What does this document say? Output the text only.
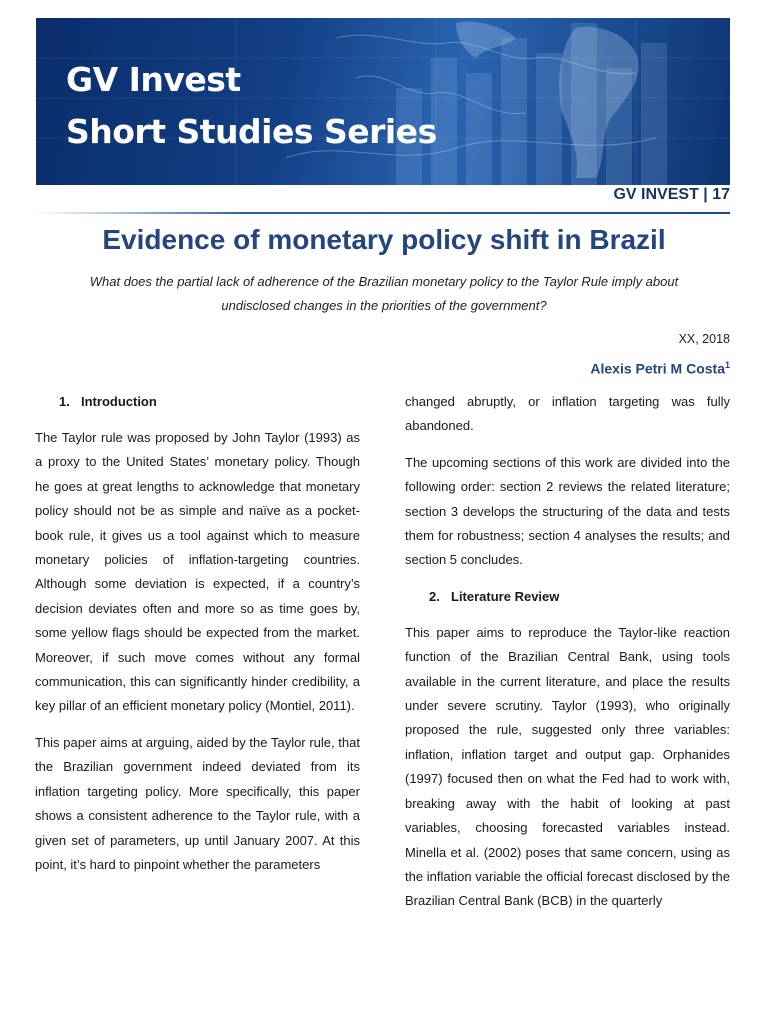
GV Invest
Short Studies Series
GV INVEST | 17
Evidence of monetary policy shift in Brazil
What does the partial lack of adherence of the Brazilian monetary policy to the Taylor Rule imply about undisclosed changes in the priorities of the government?
XX, 2018
Alexis Petri M Costa$^1$
1. Introduction

The Taylor rule was proposed by John Taylor (1993) as a proxy to the United States’ monetary policy. Though he goes at great lengths to acknowledge that monetary policy should not be as simple and naïve as a pocket-book rule, it gives us a tool against which to measure monetary policies of inflation-targeting countries. Although some deviation is expected, if a country’s decision deviates often and more so as time goes by, some yellow flags should be expected from the market. Moreover, if such move comes without any formal communication, this can significantly hinder credibility, a key pillar of an efficient monetary policy (Montiel, 2011).

This paper aims at arguing, aided by the Taylor rule, that the Brazilian government indeed deviated from its inflation targeting policy. More specifically, this paper shows a consistent adherence to the Taylor rule, with a given set of parameters, up until January 2007. At this point, it’s hard to pinpoint whether the parameters

changed abruptly, or inflation targeting was fully abandoned.

The upcoming sections of this work are divided into the following order: section 2 reviews the related literature; section 3 develops the structuring of the data and tests them for robustness; section 4 analyses the results; and section 5 concludes.

2. Literature Review

This paper aims to reproduce the Taylor-like reaction function of the Brazilian Central Bank, using tools available in the current literature, and place the results under severe scrutiny. Taylor (1993), who originally proposed the rule, suggested only three variables: inflation, inflation target and output gap. Orphanides (1997) focused then on what the Fed had to work with, breaking away with the habit of looking at past variables, choosing forecasted variables instead. Minella et al. (2002) poses that same concern, using as the inflation variable the official forecast disclosed by the Brazilian Central Bank (BCB) in the quarterly
